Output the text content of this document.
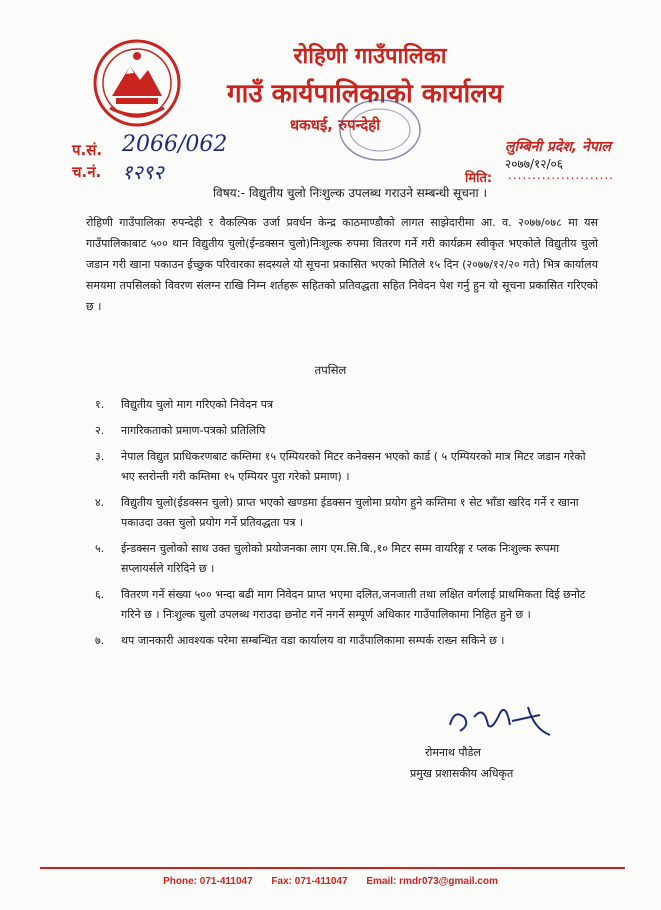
रोहिणी गाउँपालिका
गाउँ कार्यपालिकाको कार्यालय
धकधई, रुपन्देही
प.सं. 2066/062
च.नं. १२९२
लुम्बिनी प्रदेश, नेपाल
२०७७/१२/०६
मिति: ......................
विषय:- विद्युतीय चुलो निःशुल्क उपलब्ध गराउने सम्बन्धी सूचना ।
रोहिणी गाउँपालिका रुपन्देही र वैकल्पिक उर्जा प्रवर्धन केन्द्र काठमाण्डौको लागत साझेदारीमा आ. व. २०७७/०७८ मा यस गाउँपालिकाबाट ५०० थान विद्युतीय चुलो(ईन्डक्सन चुलो)निःशुल्क रुपमा वितरण गर्ने गरी कार्यक्रम स्वीकृत भएकोले विद्युतीय चुलो जडान गरी खाना पकाउन ईच्छुक परिवारका सदस्यले यो सूचना प्रकासित भएको मितिले १५ दिन (२०७७/१२/२० गते) भित्र कार्यालय समयमा तपसिलको विवरण संलग्न राखि निम्न शर्तहरू सहितको प्रतिवद्धता सहित निवेदन पेश गर्नु हुन यो सूचना प्रकासित गरिएको छ ।
तपसिल
१. विद्युतीय चुलो माग गरिएको निवेदन पत्र
२. नागरिकताको प्रमाण-पत्रको प्रतिलिपि
३. नेपाल विद्युत प्राधिकरणबाट कम्तिमा १५ एम्पियरको मिटर कनेक्सन भएको कार्ड ( ५ एम्पियरको मात्र मिटर जडान गरेको भए स्तरोन्ती गरी कम्तिमा १५ एम्पियर पुरा गरेको प्रमाण) ।
४. विद्युतीय चुलो(ईडक्सन चुलो) प्राप्त भएको खण्डमा ईडक्सन चुलोमा प्रयोग हुने कम्तिमा १ सेट भाँडा खरिद गर्ने र खाना पकाउदा उक्त चुलो प्रयोग गर्ने प्रतिवद्धता पत्र ।
५. ईन्डक्सन चुलोको साथ उक्त चुलोको प्रयोजनका लाग एम.सि.बि.,१० मिटर सम्म वायरिङ्ग र प्लक निःशुल्क रूपमा सप्लायर्सले गरिदिने छ ।
६. वितरण गर्ने संख्या ५०० भन्दा बढी माग निवेदन प्राप्त भएमा दलित,जनजाती तथा लक्षित वर्गलाई प्राथमिकता दिई छनोट गरिने छ । निःशुल्क चुलो उपलब्ध गराउदा छनोट गर्ने नगर्ने सम्पूर्ण अधिकार गाउँपालिकामा निहित हुने छ ।
७. थप जानकारी आवश्यक परेमा सम्बन्धित वडा कार्यालय वा गाउँपालिकामा सम्पर्क राख्न सकिने छ ।
रोमनाथ पौडेल
प्रमुख प्रशासकीय अधिकृत
Phone: 071-411047 Fax: 071-411047 Email: rmdr073@gmail.com
